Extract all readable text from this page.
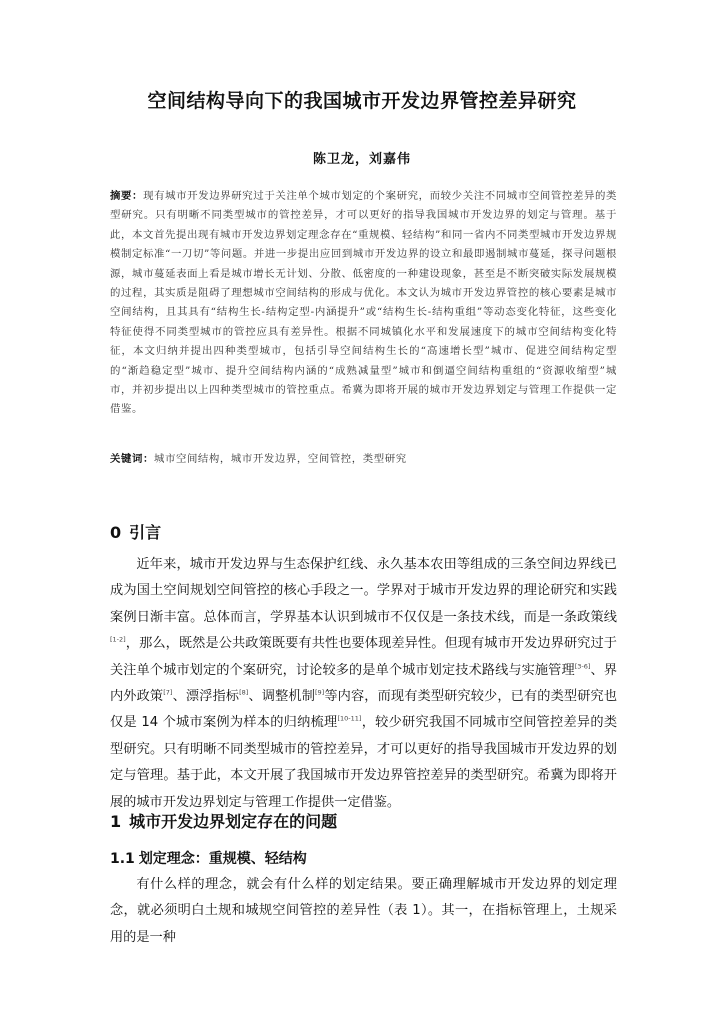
空间结构导向下的我国城市开发边界管控差异研究
陈卫龙，刘嘉伟
摘要：现有城市开发边界研究过于关注单个城市划定的个案研究，而较少关注不同城市空间管控差异的类型研究。只有明晰不同类型城市的管控差异，才可以更好的指导我国城市开发边界的划定与管理。基于此，本文首先提出现有城市开发边界划定理念存在“重规模、轻结构”和同一省内不同类型城市开发边界规模制定标准“一刀切”等问题。并进一步提出应回到城市开发边界的设立和最即遏制城市蔓延，探寻问题根源，城市蔓延表面上看是城市增长无计划、分散、低密度的一种建设现象，甚至是不断突破实际发展规模的过程，其实质是阻碍了理想城市空间结构的形成与优化。本文认为城市开发边界管控的核心要素是城市空间结构，且其具有“结构生长-结构定型-内涵提升”或“结构生长-结构重组”等动态变化特征，这些变化特征使得不同类型城市的管控应具有差异性。根据不同城镇化水平和发展速度下的城市空间结构变化特征，本文归纳并提出四种类型城市，包括引导空间结构生长的“高速增长型”城市、促进空间结构定型的“渐趋稳定型”城市、提升空间结构内涵的“成熟减量型”城市和倒逼空间结构重组的“资源收缩型”城市，并初步提出以上四种类型城市的管控重点。希冀为即将开展的城市开发边界划定与管理工作提供一定借鉴。
关键词：城市空间结构，城市开发边界，空间管控，类型研究
0 引言
近年来，城市开发边界与生态保护红线、永久基本农田等组成的三条空间边界线已成为国土空间规划空间管控的核心手段之一。学界对于城市开发边界的理论研究和实践案例日渐丰富。总体而言，学界基本认识到城市不仅仅是一条技术线，而是一条政策线[1-2]，那么，既然是公共政策既要有共性也要体现差异性。但现有城市开发边界研究过于关注单个城市划定的个案研究，讨论较多的是单个城市划定技术路线与实施管理[3-6]、界内外政策[7]、漂浮指标[8]、调整机制[9]等内容，而现有类型研究较少，已有的类型研究也仅是 14 个城市案例为样本的归纳梳理[10-11]，较少研究我国不同城市空间管控差异的类型研究。只有明晰不同类型城市的管控差异，才可以更好的指导我国城市开发边界的划定与管理。基于此，本文开展了我国城市开发边界管控差异的类型研究。希冀为即将开展的城市开发边界划定与管理工作提供一定借鉴。
1 城市开发边界划定存在的问题
1.1 划定理念：重规模、轻结构
有什么样的理念，就会有什么样的划定结果。要正确理解城市开发边界的划定理念，就必须明白土规和城规空间管控的差异性（表 1）。其一，在指标管理上，土规采用的是一种
